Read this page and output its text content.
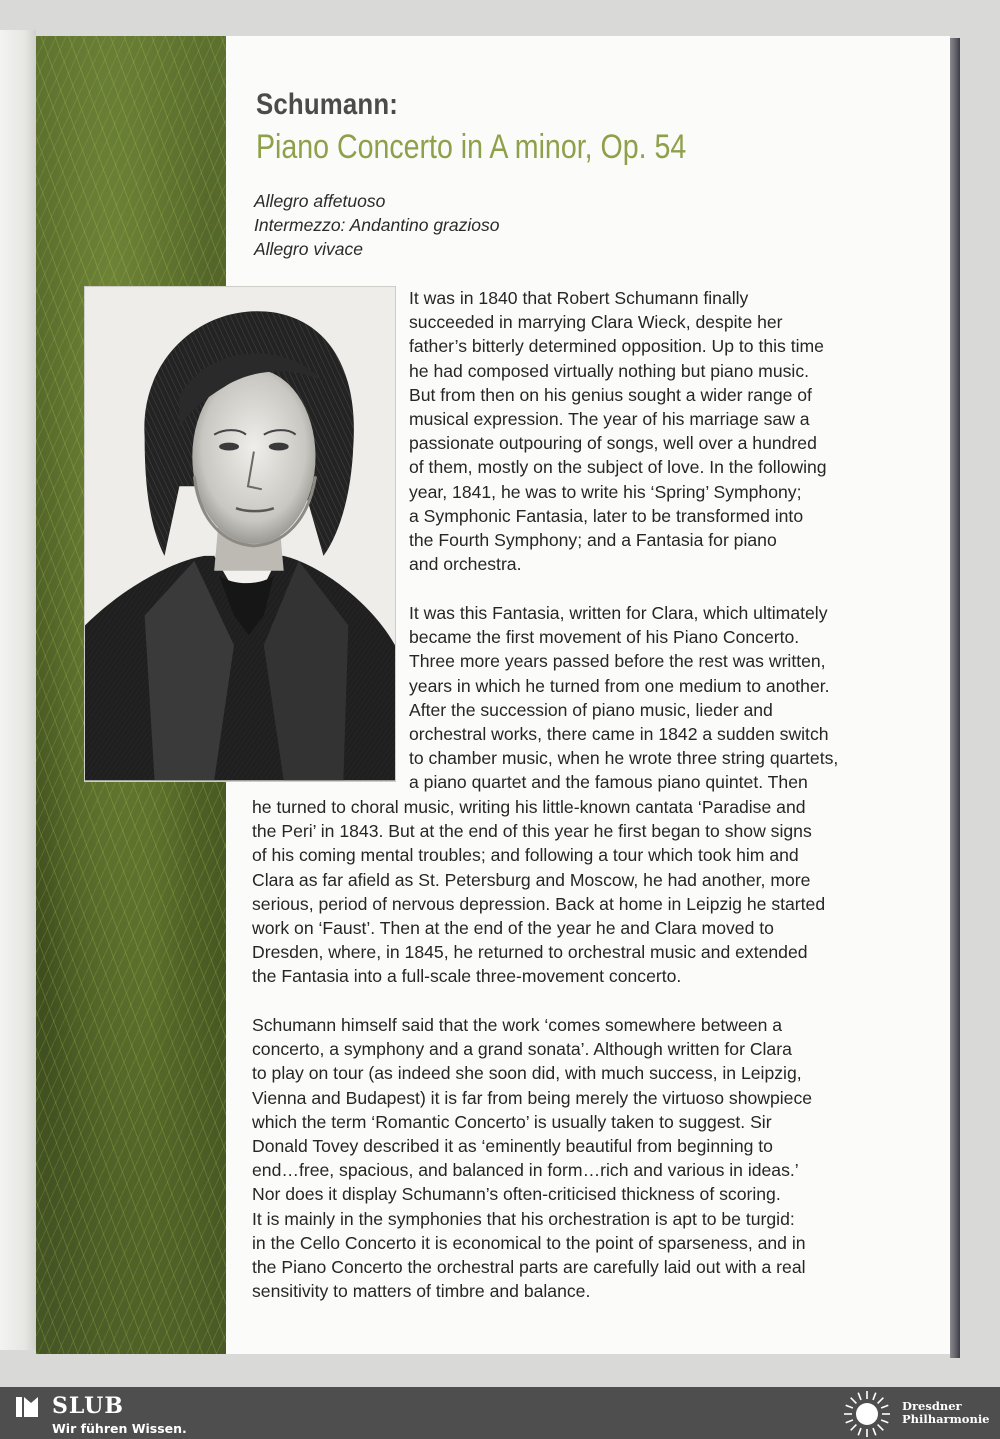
Schumann:
Piano Concerto in A minor, Op. 54
Allegro affetuoso
Intermezzo: Andantino grazioso
Allegro vivace
It was in 1840 that Robert Schumann finally
succeeded in marrying Clara Wieck, despite her
father’s bitterly determined opposition. Up to this time
he had composed virtually nothing but piano music.
But from then on his genius sought a wider range of
musical expression. The year of his marriage saw a
passionate outpouring of songs, well over a hundred
of them, mostly on the subject of love. In the following
year, 1841, he was to write his ‘Spring’ Symphony;
a Symphonic Fantasia, later to be transformed into
the Fourth Symphony; and a Fantasia for piano
and orchestra.
It was this Fantasia, written for Clara, which ultimately
became the first movement of his Piano Concerto.
Three more years passed before the rest was written,
years in which he turned from one medium to another.
After the succession of piano music, lieder and
orchestral works, there came in 1842 a sudden switch
to chamber music, when he wrote three string quartets,
a piano quartet and the famous piano quintet. Then
he turned to choral music, writing his little-known cantata ‘Paradise and
the Peri’ in 1843. But at the end of this year he first began to show signs
of his coming mental troubles; and following a tour which took him and
Clara as far afield as St. Petersburg and Moscow, he had another, more
serious, period of nervous depression. Back at home in Leipzig he started
work on ‘Faust’. Then at the end of the year he and Clara moved to
Dresden, where, in 1845, he returned to orchestral music and extended
the Fantasia into a full-scale three-movement concerto.
Schumann himself said that the work ‘comes somewhere between a
concerto, a symphony and a grand sonata’. Although written for Clara
to play on tour (as indeed she soon did, with much success, in Leipzig,
Vienna and Budapest) it is far from being merely the virtuoso showpiece
which the term ‘Romantic Concerto’ is usually taken to suggest. Sir
Donald Tovey described it as ‘eminently beautiful from beginning to
end…free, spacious, and balanced in form…rich and various in ideas.’
Nor does it display Schumann’s often-criticised thickness of scoring.
It is mainly in the symphonies that his orchestration is apt to be turgid:
in the Cello Concerto it is economical to the point of sparseness, and in
the Piano Concerto the orchestral parts are carefully laid out with a real
sensitivity to matters of timbre and balance.
SLUB
Wir führen Wissen.
Dresdner
Philharmonie
